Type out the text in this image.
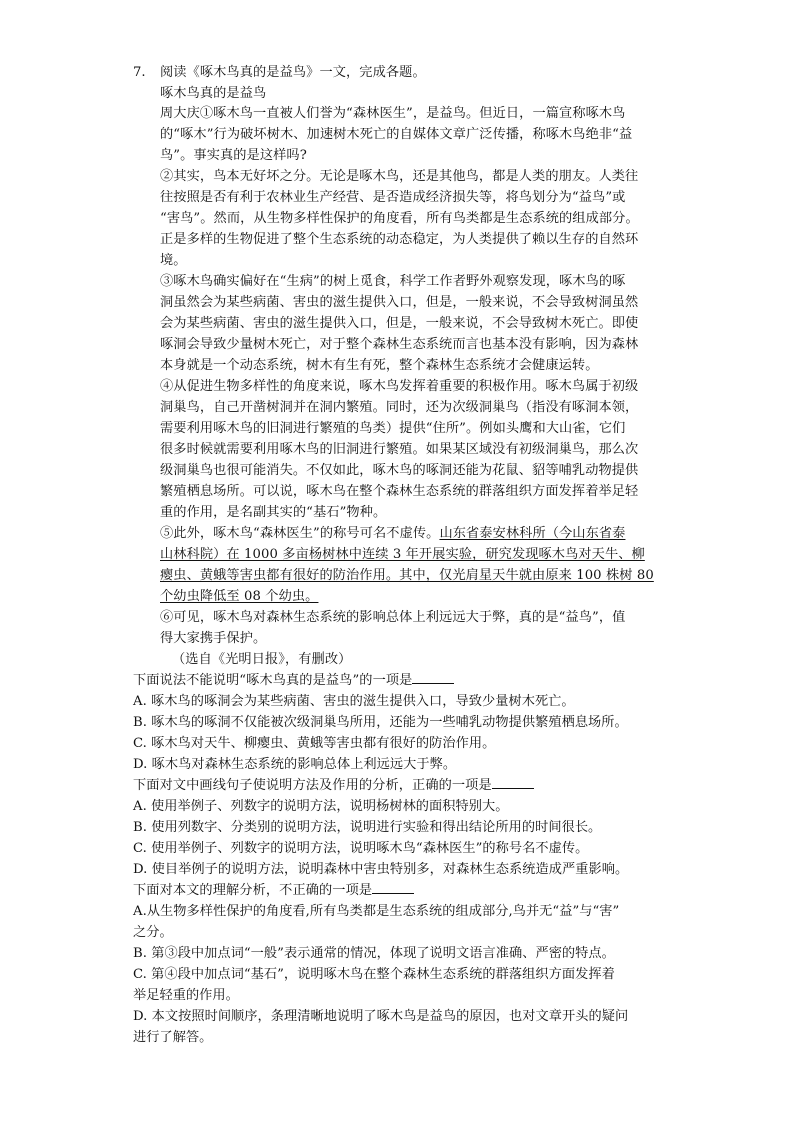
7. 阅读《啄木鸟真的是益鸟》一文，完成各题。
啄木鸟真的是益鸟
周大庆①啄木鸟一直被人们誉为“森林医生”，是益鸟。但近日，一篇宣称啄木鸟
的“啄木”行为破坏树木、加速树木死亡的自媒体文章广泛传播，称啄木鸟绝非“益
鸟”。事实真的是这样吗?
②其实，鸟本无好坏之分。无论是啄木鸟，还是其他鸟，都是人类的朋友。人类往
往按照是否有利于农林业生产经营、是否造成经济损失等，将鸟划分为“益鸟”或
“害鸟”。然而，从生物多样性保护的角度看，所有鸟类都是生态系统的组成部分。
正是多样的生物促进了整个生态系统的动态稳定，为人类提供了赖以生存的自然环
境。
③啄木鸟确实偏好在“生病”的树上觅食，科学工作者野外观察发现，啄木鸟的啄
洞虽然会为某些病菌、害虫的滋生提供入口，但是，一般来说，不会导致树洞虽然
会为某些病菌、害虫的滋生提供入口，但是，一般来说，不会导致树木死亡。即使
啄洞会导致少量树木死亡，对于整个森林生态系统而言也基本没有影响，因为森林
本身就是一个动态系统，树木有生有死，整个森林生态系统才会健康运转。
④从促进生物多样性的角度来说，啄木鸟发挥着重要的积极作用。啄木鸟属于初级
洞巢鸟，自己开凿树洞并在洞内繁殖。同时，还为次级洞巢鸟（指没有啄洞本领，
需要利用啄木鸟的旧洞进行繁殖的鸟类）提供“住所”。例如头鹰和大山雀，它们
很多时候就需要利用啄木鸟的旧洞进行繁殖。如果某区域没有初级洞巢鸟，那么次
级洞巢鸟也很可能消失。不仅如此，啄木鸟的啄洞还能为花鼠、貂等哺乳动物提供
繁殖栖息场所。可以说，啄木鸟在整个森林生态系统的群落组织方面发挥着举足轻
重的作用，是名副其实的“基石”物种。
⑤此外，啄木鸟“森林医生”的称号可名不虚传。山东省泰安林科所（今山东省泰
山林科院）在 1000 多亩杨树林中连续 3 年开展实验，研究发现啄木鸟对天牛、柳
瘿虫、黄蛾等害虫都有很好的防治作用。其中，仅光肩星天牛就由原来 100 株树 80
个幼虫降低至 08 个幼虫。
⑥可见，啄木鸟对森林生态系统的影响总体上利远远大于弊，真的是“益鸟”，值
得大家携手保护。
（选自《光明日报》，有删改）
下面说法不能说明“啄木鸟真的是益鸟”的一项是
A. 啄木鸟的啄洞会为某些病菌、害虫的滋生提供入口，导致少量树木死亡。
B. 啄木鸟的啄洞不仅能被次级洞巢鸟所用，还能为一些哺乳动物提供繁殖栖息场所。
C. 啄木鸟对天牛、柳瘿虫、黄蛾等害虫都有很好的防治作用。
D. 啄木鸟对森林生态系统的影响总体上利远远大于弊。
下面对文中画线句子使说明方法及作用的分析，正确的一项是
A. 使用举例子、列数字的说明方法，说明杨树林的面积特别大。
B. 使用列数字、分类别的说明方法，说明进行实验和得出结论所用的时间很长。
C. 使用举例子、列数字的说明方法，说明啄木鸟“森林医生”的称号名不虚传。
D. 使目举例子的说明方法，说明森林中害虫特别多，对森林生态系统造成严重影响。
下面对本文的理解分析，不正确的一项是
A.从生物多样性保护的角度看,所有鸟类都是生态系统的组成部分,鸟并无“益”与“害”
之分。
B. 第③段中加点词“一般”表示通常的情况，体现了说明文语言准确、严密的特点。
C. 第④段中加点词“基石”，说明啄木鸟在整个森林生态系统的群落组织方面发挥着
举足轻重的作用。
D. 本文按照时间顺序，条理清晰地说明了啄木鸟是益鸟的原因，也对文章开头的疑问
进行了解答。
